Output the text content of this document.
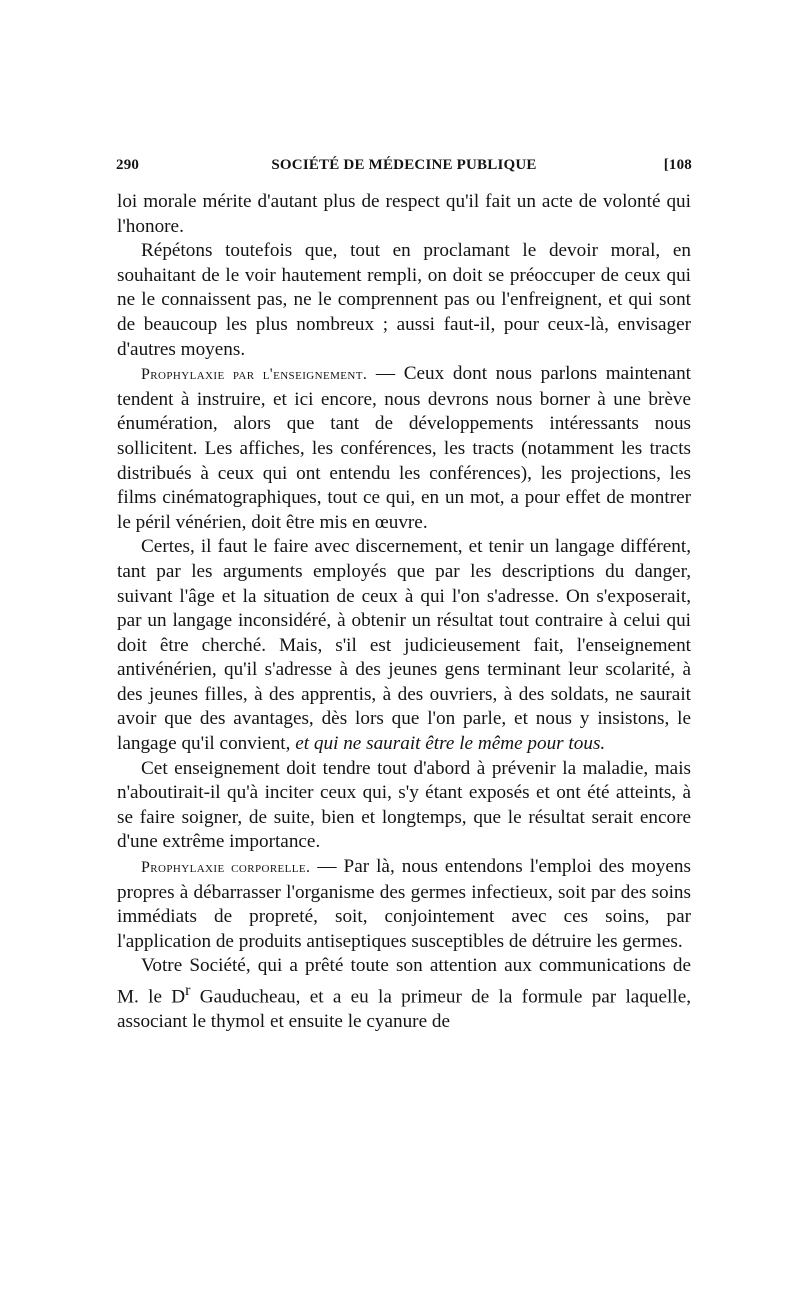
290	SOCIÉTÉ DE MÉDECINE PUBLIQUE	[108

loi morale mérite d'autant plus de respect qu'il fait un acte de volonté qui l'honore.

Répétons toutefois que, tout en proclamant le devoir moral, en souhaitant de le voir hautement rempli, on doit se préoccuper de ceux qui ne le connaissent pas, ne le comprennent pas ou l'enfreignent, et qui sont de beaucoup les plus nombreux ; aussi faut-il, pour ceux-là, envisager d'autres moyens.

Prophylaxie par l'enseignement. — Ceux dont nous parlons maintenant tendent à instruire, et ici encore, nous devrons nous borner à une brève énumération, alors que tant de développements intéressants nous sollicitent. Les affiches, les conférences, les tracts (notamment les tracts distribués à ceux qui ont entendu les conférences), les projections, les films cinématographiques, tout ce qui, en un mot, a pour effet de montrer le péril vénérien, doit être mis en œuvre.

Certes, il faut le faire avec discernement, et tenir un langage différent, tant par les arguments employés que par les descriptions du danger, suivant l'âge et la situation de ceux à qui l'on s'adresse. On s'exposerait, par un langage inconsidéré, à obtenir un résultat tout contraire à celui qui doit être cherché. Mais, s'il est judicieusement fait, l'enseignement antivénérien, qu'il s'adresse à des jeunes gens terminant leur scolarité, à des jeunes filles, à des apprentis, à des ouvriers, à des soldats, ne saurait avoir que des avantages, dès lors que l'on parle, et nous y insistons, le langage qu'il convient, et qui ne saurait être le même pour tous.

Cet enseignement doit tendre tout d'abord à prévenir la maladie, mais n'aboutirait-il qu'à inciter ceux qui, s'y étant exposés et ont été atteints, à se faire soigner, de suite, bien et longtemps, que le résultat serait encore d'une extrême importance.

Prophylaxie corporelle. — Par là, nous entendons l'emploi des moyens propres à débarrasser l'organisme des germes infectieux, soit par des soins immédiats de propreté, soit, conjointement avec ces soins, par l'application de produits antiseptiques susceptibles de détruire les germes.

Votre Société, qui a prêté toute son attention aux communications de M. le $D^r$ Gauducheau, et a eu la primeur de la formule par laquelle, associant le thymol et ensuite le cyanure de
